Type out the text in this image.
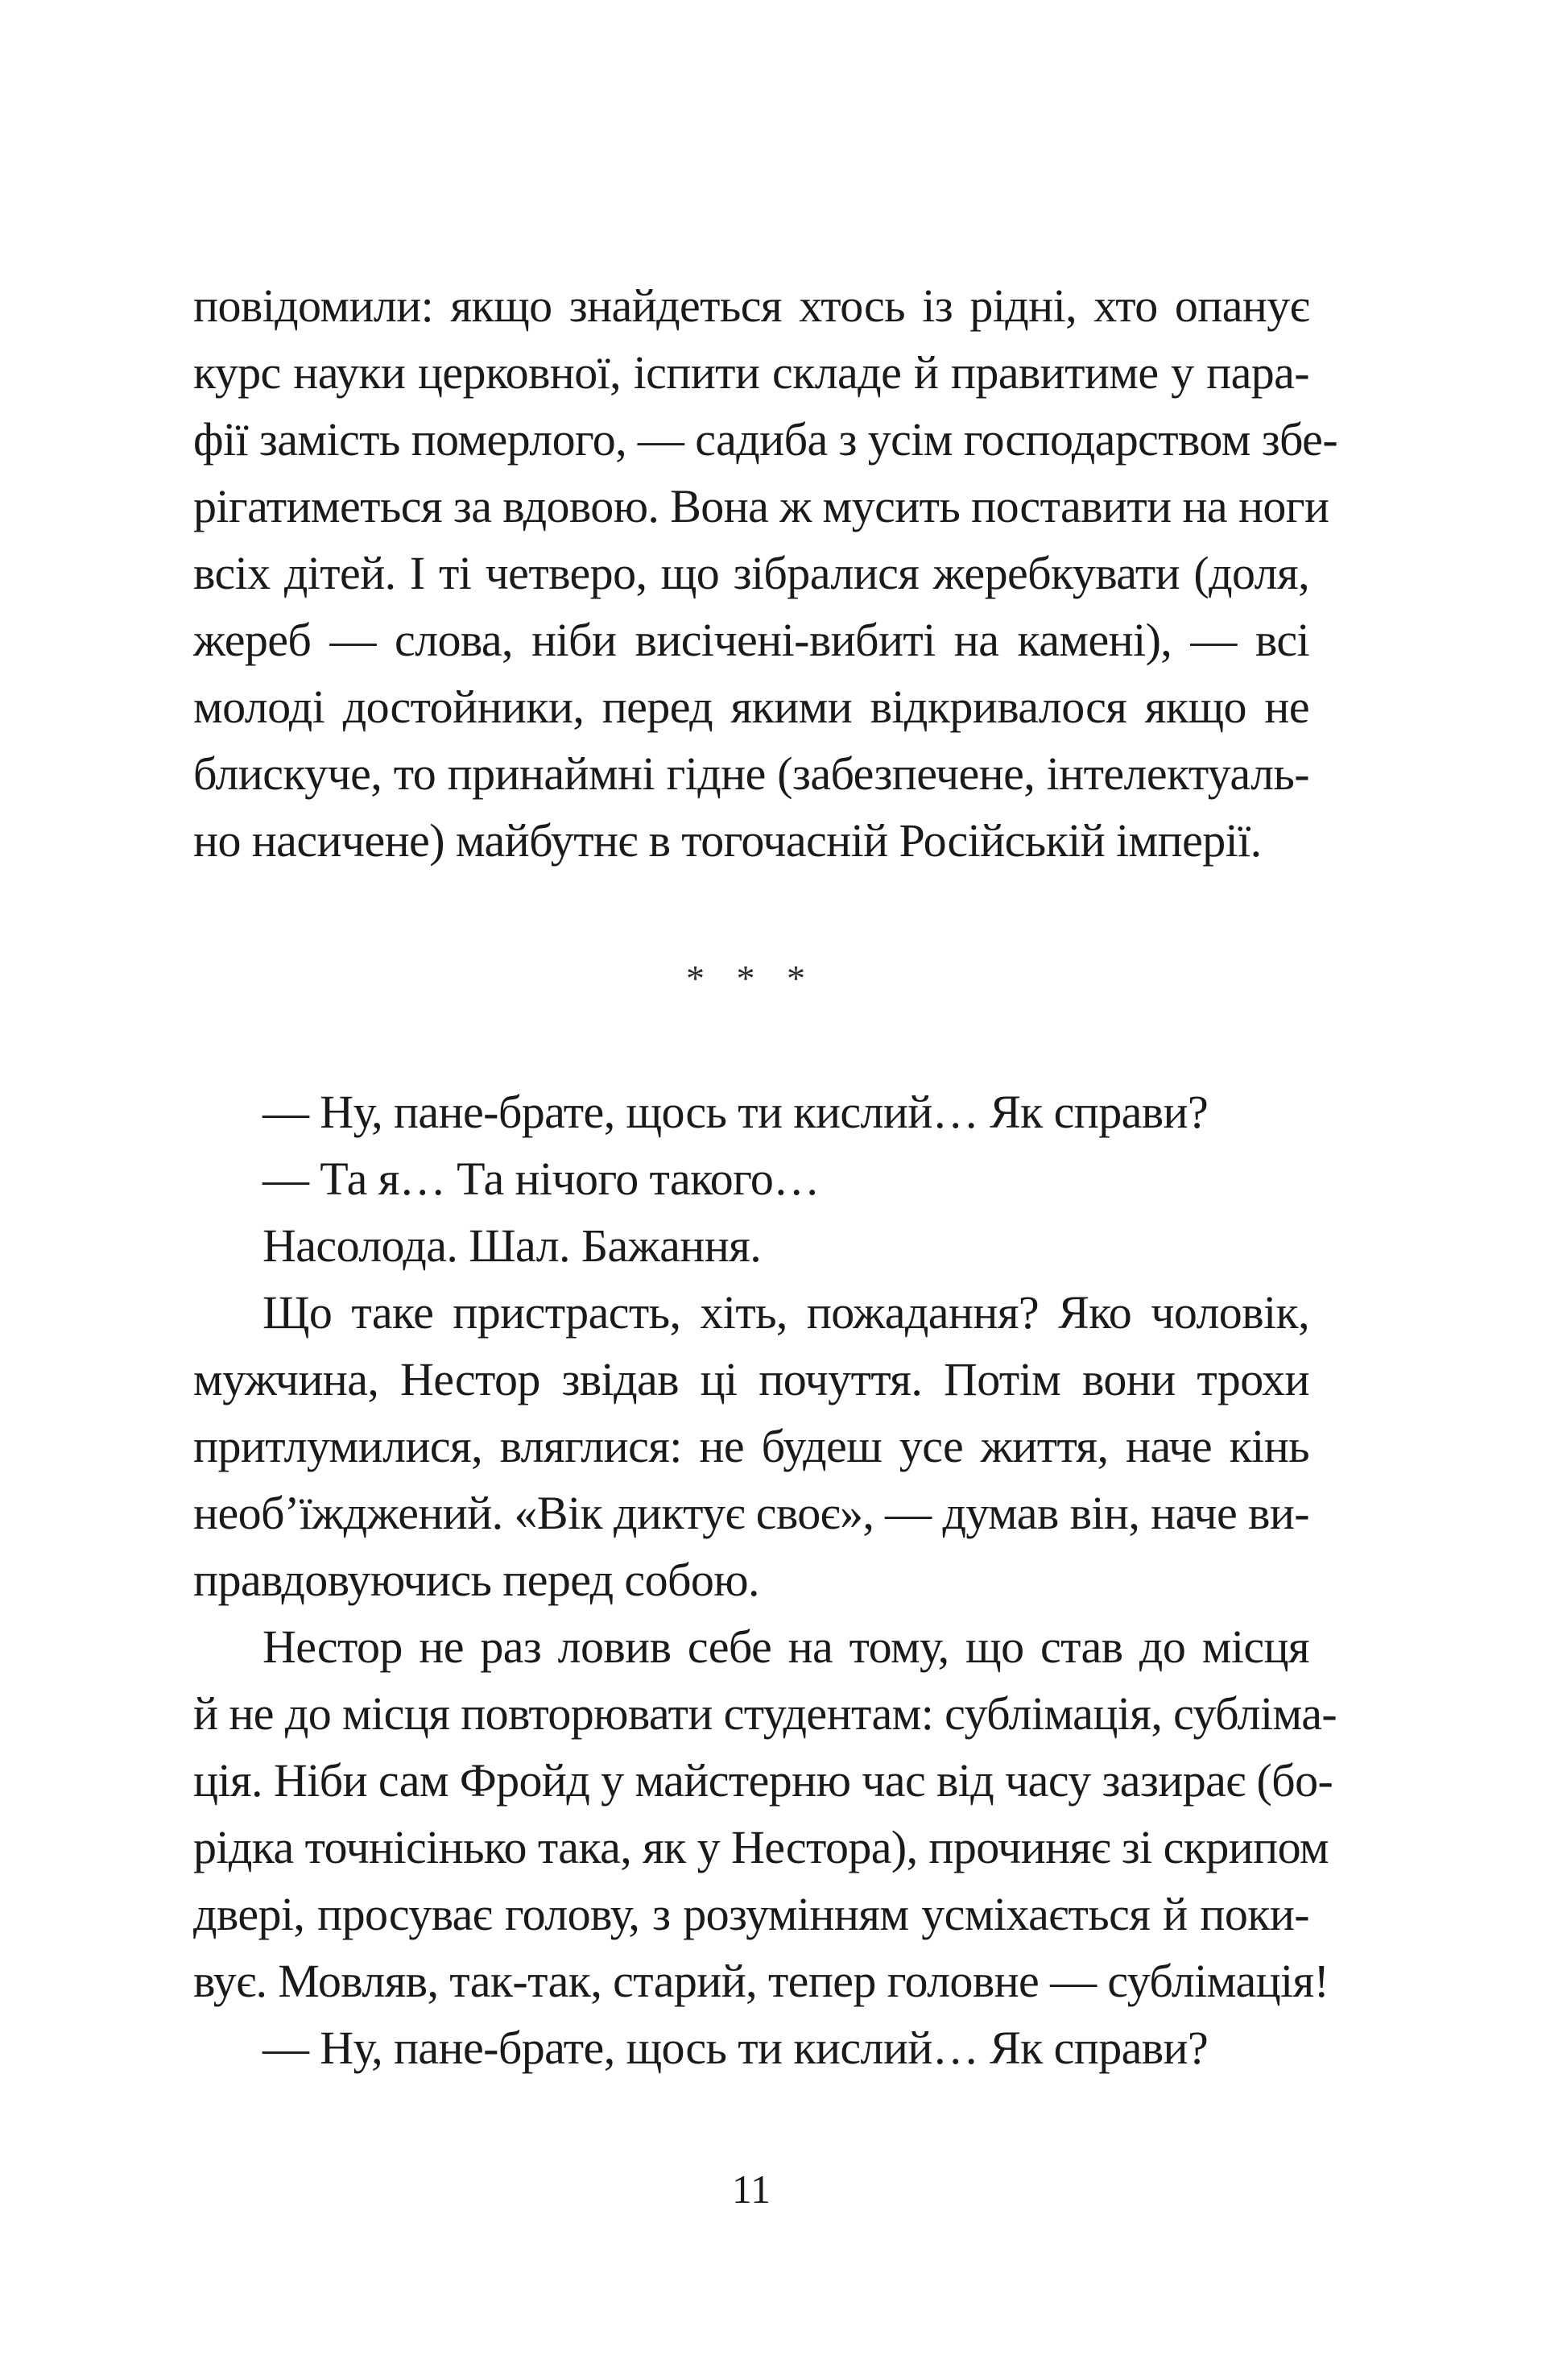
повідомили: якщо знайдеться хтось із рідні, хто опанує
курс науки церковної, іспити складе й правитиме у пара-
фії замість померлого, — садиба з усім господарством збе-
рігатиметься за вдовою. Вона ж мусить поставити на ноги
всіх дітей. І ті четверо, що зібралися жеребкувати (доля,
жереб — слова, ніби висічені-вибиті на камені), — всі
молоді достойники, перед якими відкривалося якщо не
блискуче, то принаймні гідне (забезпечене, інтелектуаль-
но насичене) майбутнє в тогочасній Російській імперії.
* * *
— Ну, пане-брате, щось ти кислий… Як справи?
— Та я… Та нічого такого…
Насолода. Шал. Бажання.
Що таке пристрасть, хіть, пожадання? Яко чоловік,
мужчина, Нестор звідав ці почуття. Потім вони трохи
притлумилися, вляглися: не будеш усе життя, наче кінь
необ’їжджений. «Вік диктує своє», — думав він, наче ви-
правдовуючись перед собою.
Нестор не раз ловив себе на тому, що став до місця
й не до місця повторювати студентам: сублімація, субліма-
ція. Ніби сам Фройд у майстерню час від часу зазирає (бо-
рідка точнісінько така, як у Нестора), прочиняє зі скрипом
двері, просуває голову, з розумінням усміхається й поки-
вує. Мовляв, так-так, старий, тепер головне — сублімація!
— Ну, пане-брате, щось ти кислий… Як справи?
11
